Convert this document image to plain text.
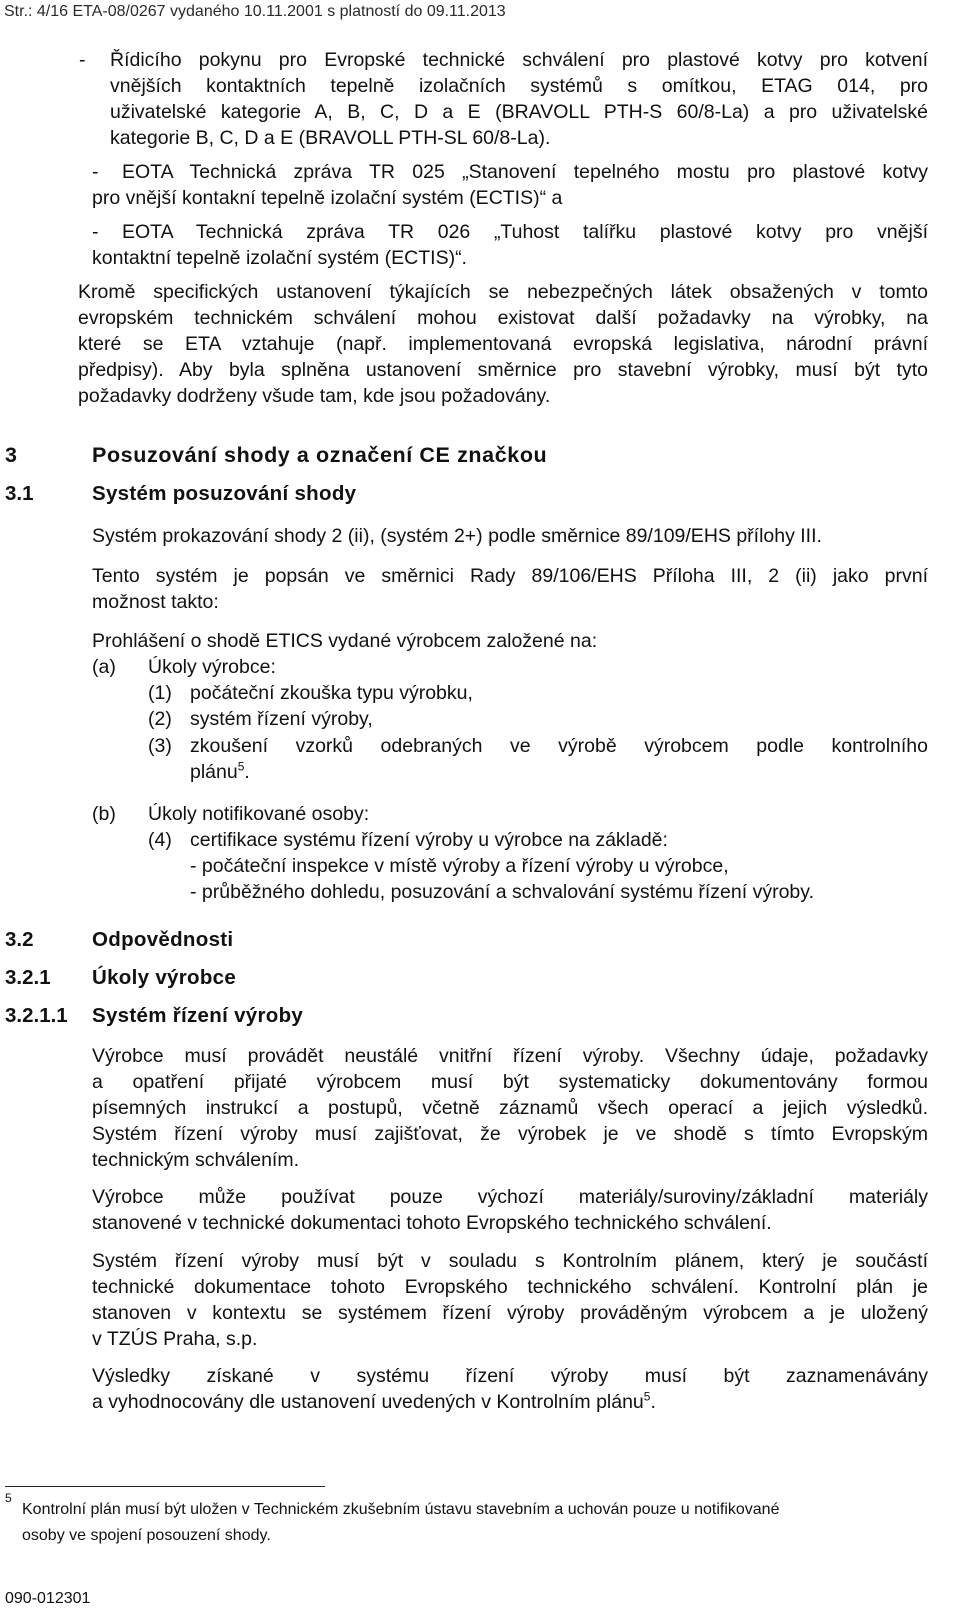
Str.: 4/16 ETA-08/0267 vydaného 10.11.2001 s platností do 09.11.2013
- Řídicího pokynu pro Evropské technické schválení pro plastové kotvy pro kotvení
vnějších kontaktních tepelně izolačních systémů s omítkou, ETAG 014, pro
uživatelské kategorie A, B, C, D a E (BRAVOLL PTH-S 60/8-La) a pro uživatelské
kategorie B, C, D a E (BRAVOLL PTH-SL 60/8-La).
- EOTA Technická zpráva TR 025 „Stanovení tepelného mostu pro plastové kotvy
pro vnější kontakní tepelně izolační systém (ECTIS)“ a
- EOTA Technická zpráva TR 026 „Tuhost talířku plastové kotvy pro vnější
kontaktní tepelně izolační systém (ECTIS)“.
Kromě specifických ustanovení týkajících se nebezpečných látek obsažených v tomto
evropském technickém schválení mohou existovat další požadavky na výrobky, na
které se ETA vztahuje (např. implementovaná evropská legislativa, národní právní
předpisy). Aby byla splněna ustanovení směrnice pro stavební výrobky, musí být tyto
požadavky dodrženy všude tam, kde jsou požadovány.
3	Posuzování shody a označení CE značkou
3.1	Systém posuzování shody
Systém prokazování shody 2 (ii), (systém 2+) podle směrnice 89/109/EHS přílohy III.
Tento systém je popsán ve směrnici Rady 89/106/EHS Příloha III, 2 (ii) jako první
možnost takto:
Prohlášení o shodě ETICS vydané výrobcem založené na:
(a) Úkoly výrobce:
(1) počáteční zkouška typu výrobku,
(2) systém řízení výroby,
(3) zkoušení vzorků odebraných ve výrobě výrobcem podle kontrolního
plánu$^5$.
(b) Úkoly notifikované osoby:
(4) certifikace systému řízení výroby u výrobce na základě:
- počáteční inspekce v místě výroby a řízení výroby u výrobce,
- průběžného dohledu, posuzování a schvalování systému řízení výroby.
3.2	Odpovědnosti
3.2.1 Úkoly výrobce
3.2.1.1 Systém řízení výroby
Výrobce musí provádět neustálé vnitřní řízení výroby. Všechny údaje, požadavky
a opatření přijaté výrobcem musí být systematicky dokumentovány formou
písemných instrukcí a postupů, včetně záznamů všech operací a jejich výsledků.
Systém řízení výroby musí zajišťovat, že výrobek je ve shodě s tímto Evropským
technickým schválením.
Výrobce může používat pouze výchozí materiály/suroviny/základní materiály
stanovené v technické dokumentaci tohoto Evropského technického schválení.
Systém řízení výroby musí být v souladu s Kontrolním plánem, který je součástí
technické dokumentace tohoto Evropského technického schválení. Kontrolní plán je
stanoven v kontextu se systémem řízení výroby prováděným výrobcem a je uložený
v TZÚS Praha, s.p.
Výsledky získané v systému řízení výroby musí být zaznamenávány
a vyhodnocovány dle ustanovení uvedených v Kontrolním plánu$^5$.
5
Kontrolní plán musí být uložen v Technickém zkušebním ústavu stavebním a uchován pouze u notifikované
osoby ve spojení posouzení shody.
090-012301
